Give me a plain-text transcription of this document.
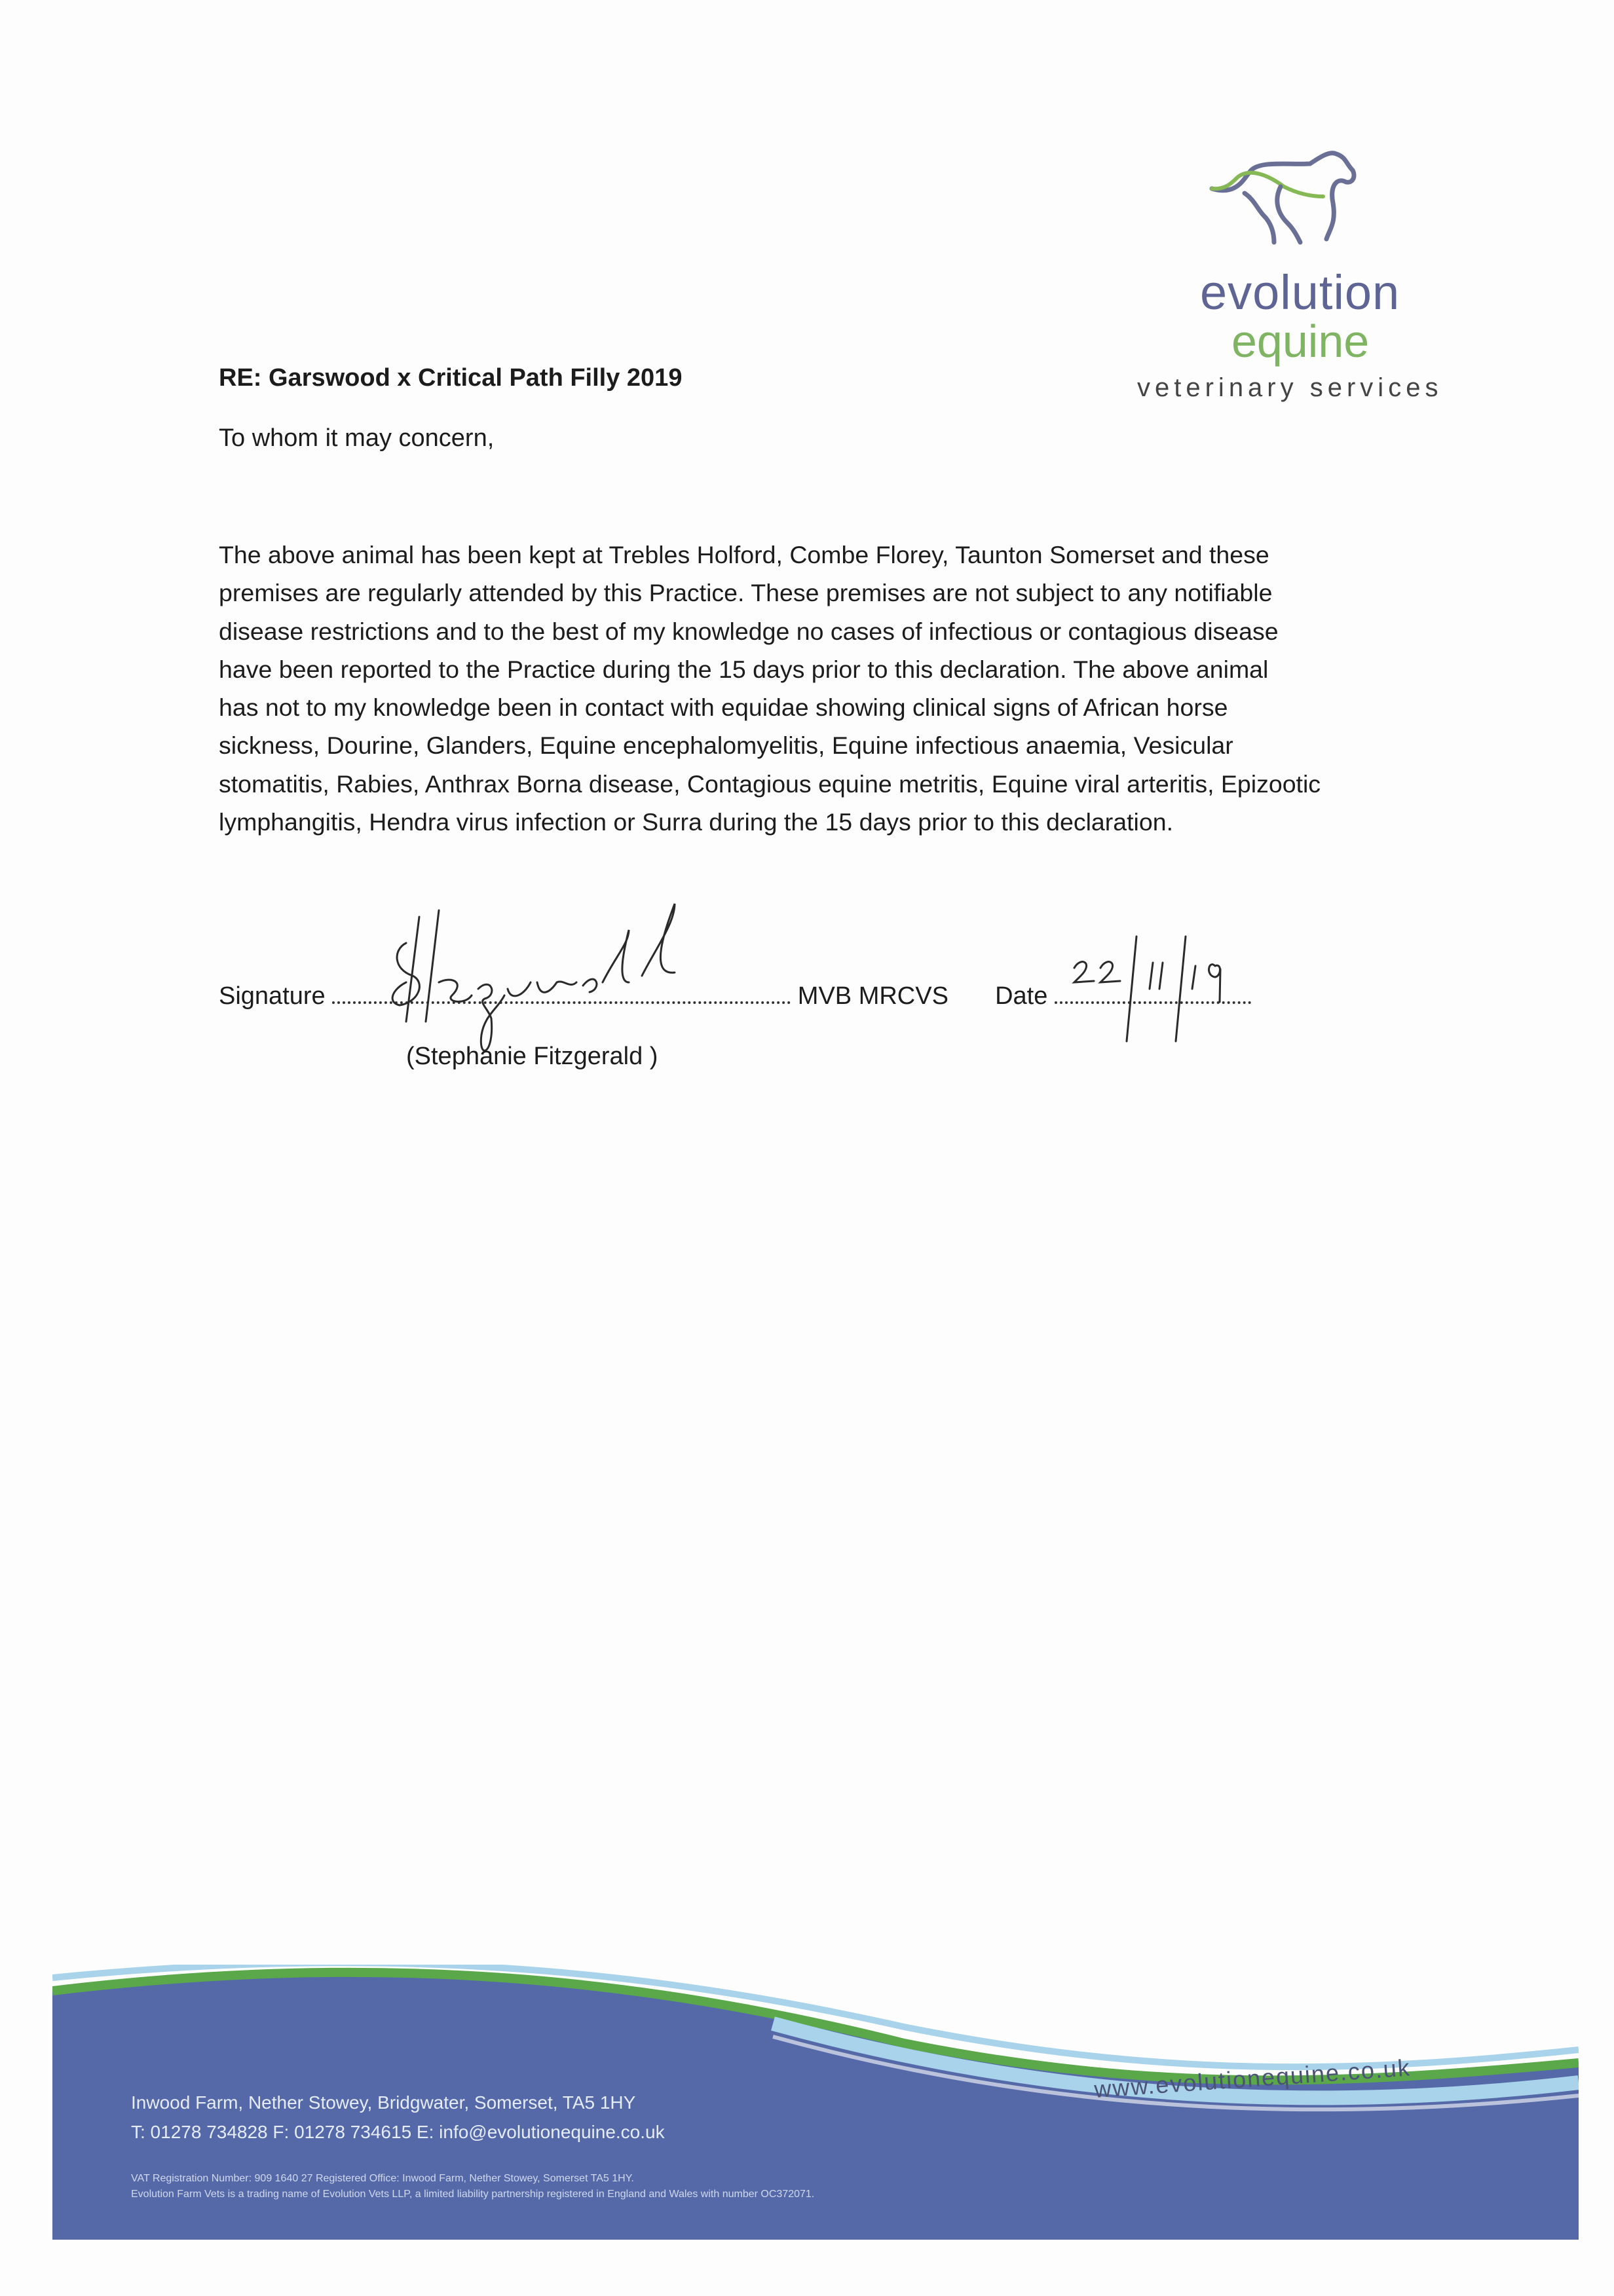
evolution
equine
veterinary services
RE: Garswood x Critical Path Filly 2019
To whom it may concern,
The above animal has been kept at Trebles Holford, Combe Florey, Taunton Somerset and these
premises are regularly attended by this Practice. These premises are not subject to any notifiable
disease restrictions and to the best of my knowledge no cases of infectious or contagious disease
have been reported to the Practice during the 15 days prior to this declaration. The above animal
has not to my knowledge been in contact with equidae showing clinical signs of African horse
sickness, Dourine, Glanders, Equine encephalomyelitis, Equine infectious anaemia, Vesicular
stomatitis, Rabies, Anthrax Borna disease, Contagious equine metritis, Equine viral arteritis, Epizootic
lymphangitis, Hendra virus infection or Surra during the 15 days prior to this declaration.
Signature	MVB MRCVS Date
(Stephanie Fitzgerald )
Inwood Farm, Nether Stowey, Bridgwater, Somerset, TA5 1HY
T: 01278 734828 F: 01278 734615 E: info@evolutionequine.co.uk
VAT Registration Number: 909 1640 27 Registered Office: Inwood Farm, Nether Stowey, Somerset TA5 1HY.
Evolution Farm Vets is a trading name of Evolution Vets LLP, a limited liability partnership registered in England and Wales with number OC372071.
www.evolutionequine.co.uk
